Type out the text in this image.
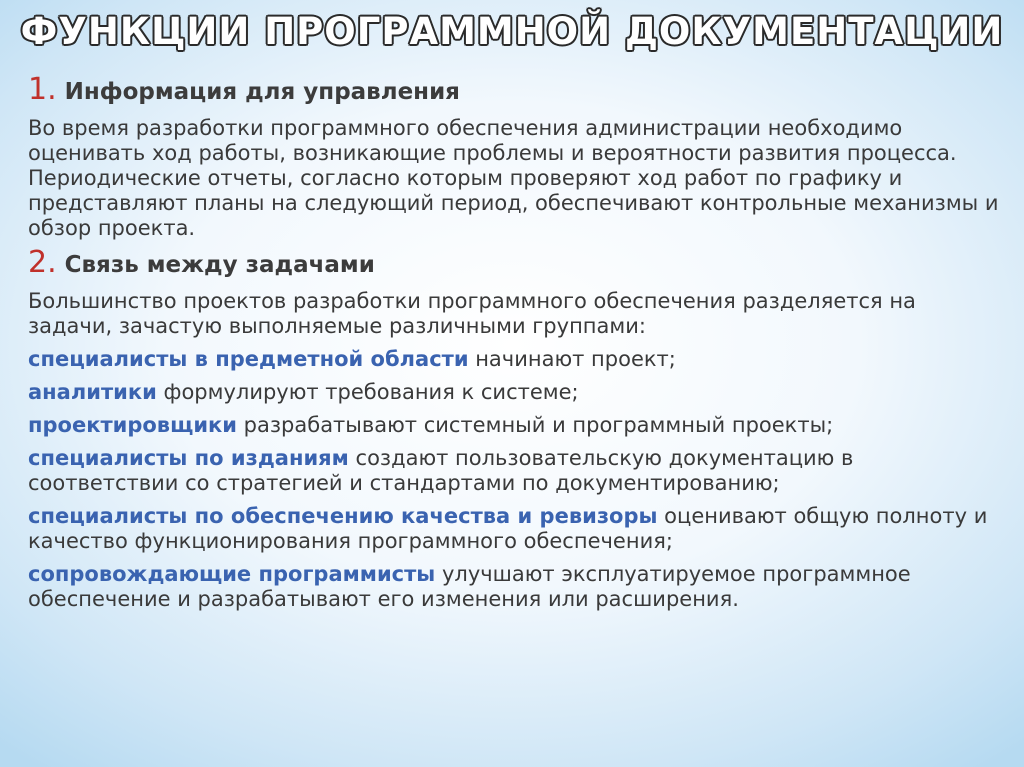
ФУНКЦИИ ПРОГРАММНОЙ ДОКУМЕНТАЦИИ
1. Информация для управления
Во время разработки программного обеспечения администрации необходимо оценивать ход работы, возникающие проблемы и вероятности развития процесса. Периодические отчеты, согласно которым проверяют ход работ по графику и представляют планы на следующий период, обеспечивают контрольные механизмы и обзор проекта.
2. Связь между задачами
Большинство проектов разработки программного обеспечения разделяется на задачи, зачастую выполняемые различными группами:
специалисты в предметной области начинают проект;
аналитики формулируют требования к системе;
проектировщики разрабатывают системный и программный проекты;
специалисты по изданиям создают пользовательскую документацию в соответствии со стратегией и стандартами по документированию;
специалисты по обеспечению качества и ревизоры оценивают общую полноту и качество функционирования программного обеспечения;
сопровождающие программисты улучшают эксплуатируемое программное обеспечение и разрабатывают его изменения или расширения.
